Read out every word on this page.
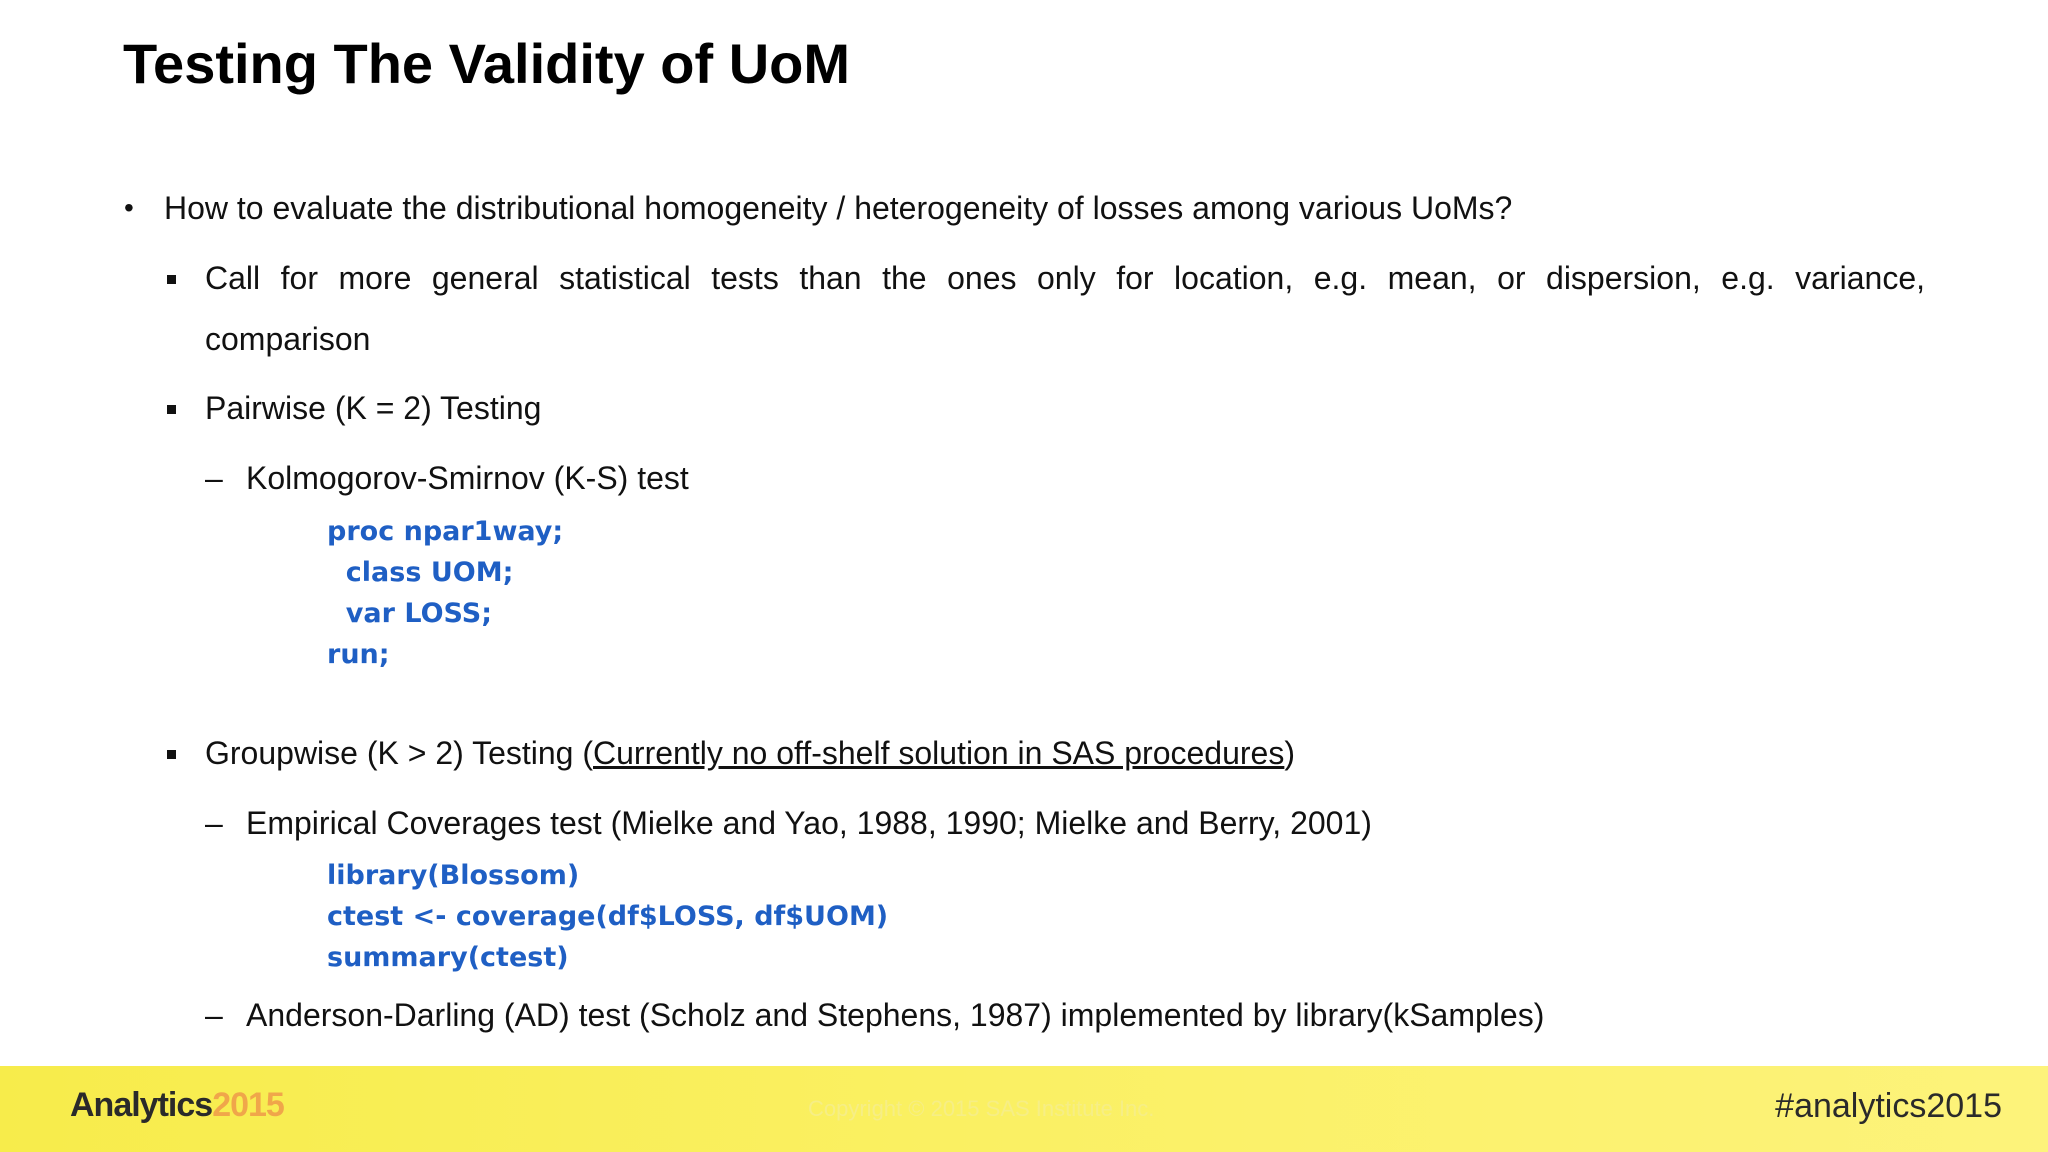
Testing The Validity of UoM
• How to evaluate the distributional homogeneity / heterogeneity of losses among various UoMs?
Call for more general statistical tests than the ones only for location, e.g. mean, or dispersion, e.g. variance,
comparison
Pairwise (K = 2) Testing
– Kolmogorov-Smirnov (K-S) test
proc npar1way;
class UOM;
var LOSS;
run;
Groupwise (K > 2) Testing (Currently no off-shelf solution in SAS procedures)
– Empirical Coverages test (Mielke and Yao, 1988, 1990; Mielke and Berry, 2001)
library(Blossom)
ctest <- coverage(df$LOSS, df$UOM)
summary(ctest)
– Anderson-Darling (AD) test (Scholz and Stephens, 1987) implemented by library(kSamples)
Analytics2015	Copyright © 2015 SAS Institute Inc.	#analytics2015
